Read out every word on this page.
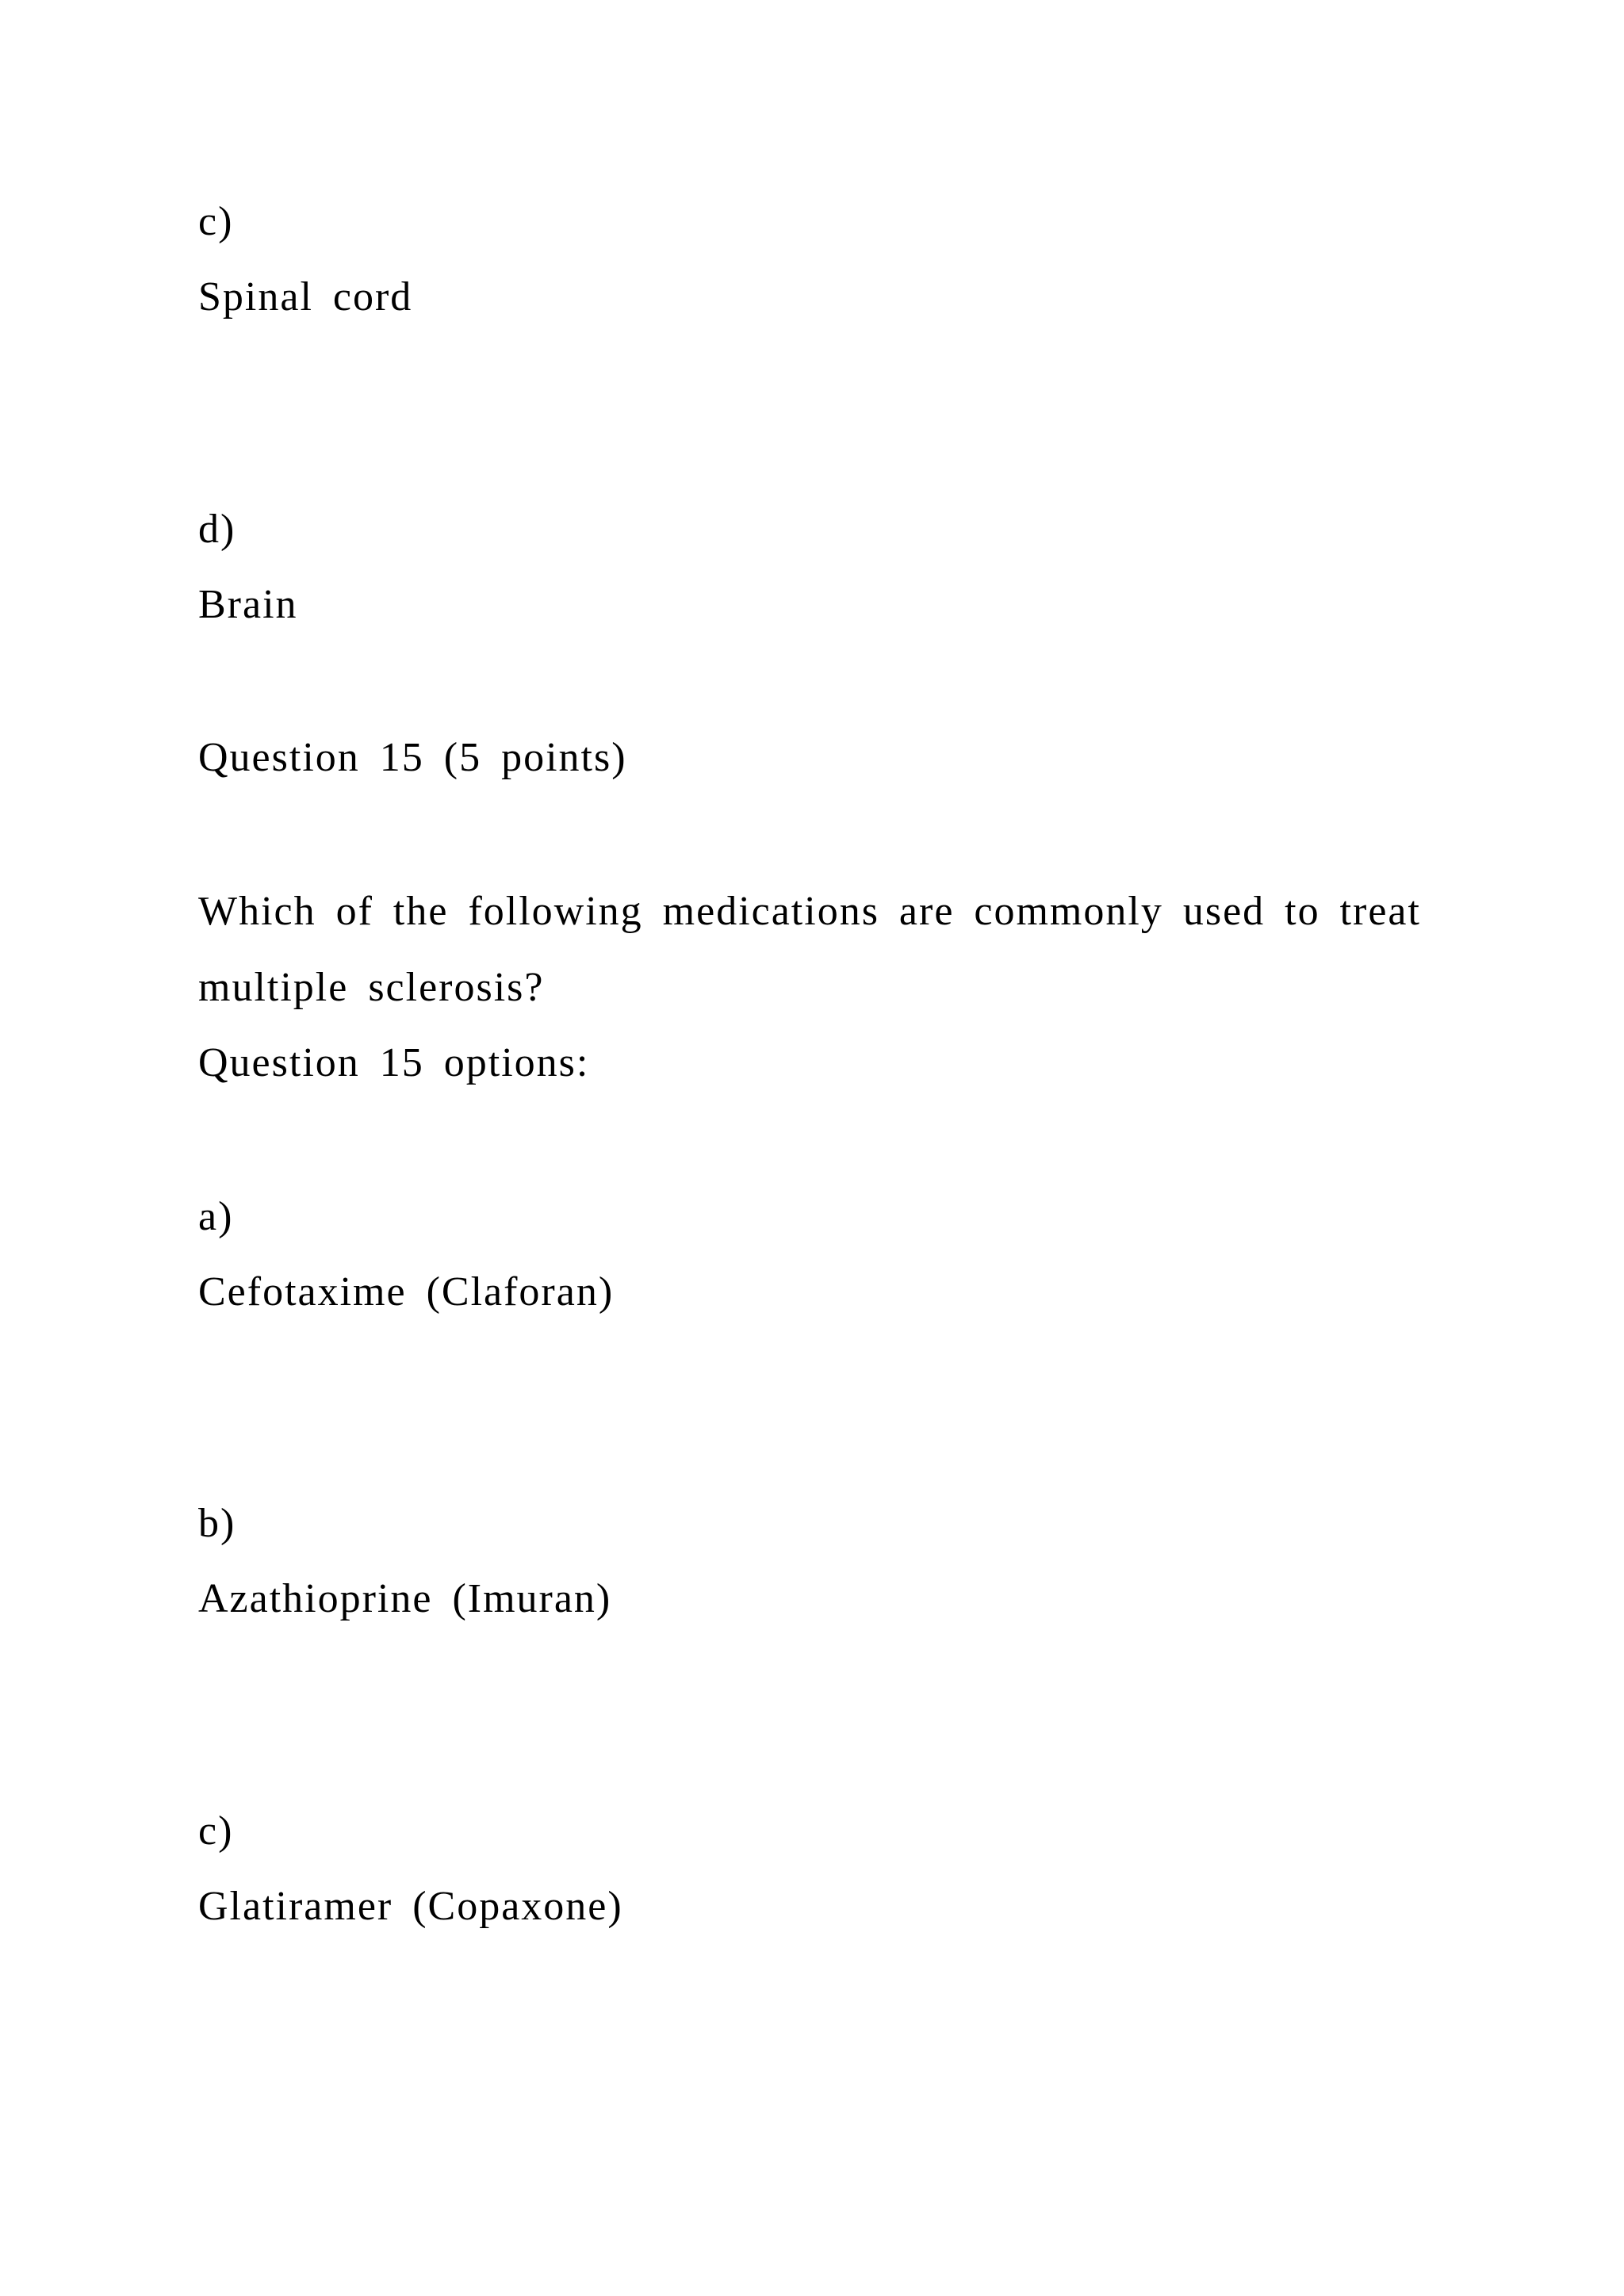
c)
Spinal cord
d)
Brain
Question 15 (5 points)
Which of the following medications are commonly used to treat
multiple sclerosis?
Question 15 options:
a)
Cefotaxime (Claforan)
b)
Azathioprine (Imuran)
c)
Glatiramer (Copaxone)
